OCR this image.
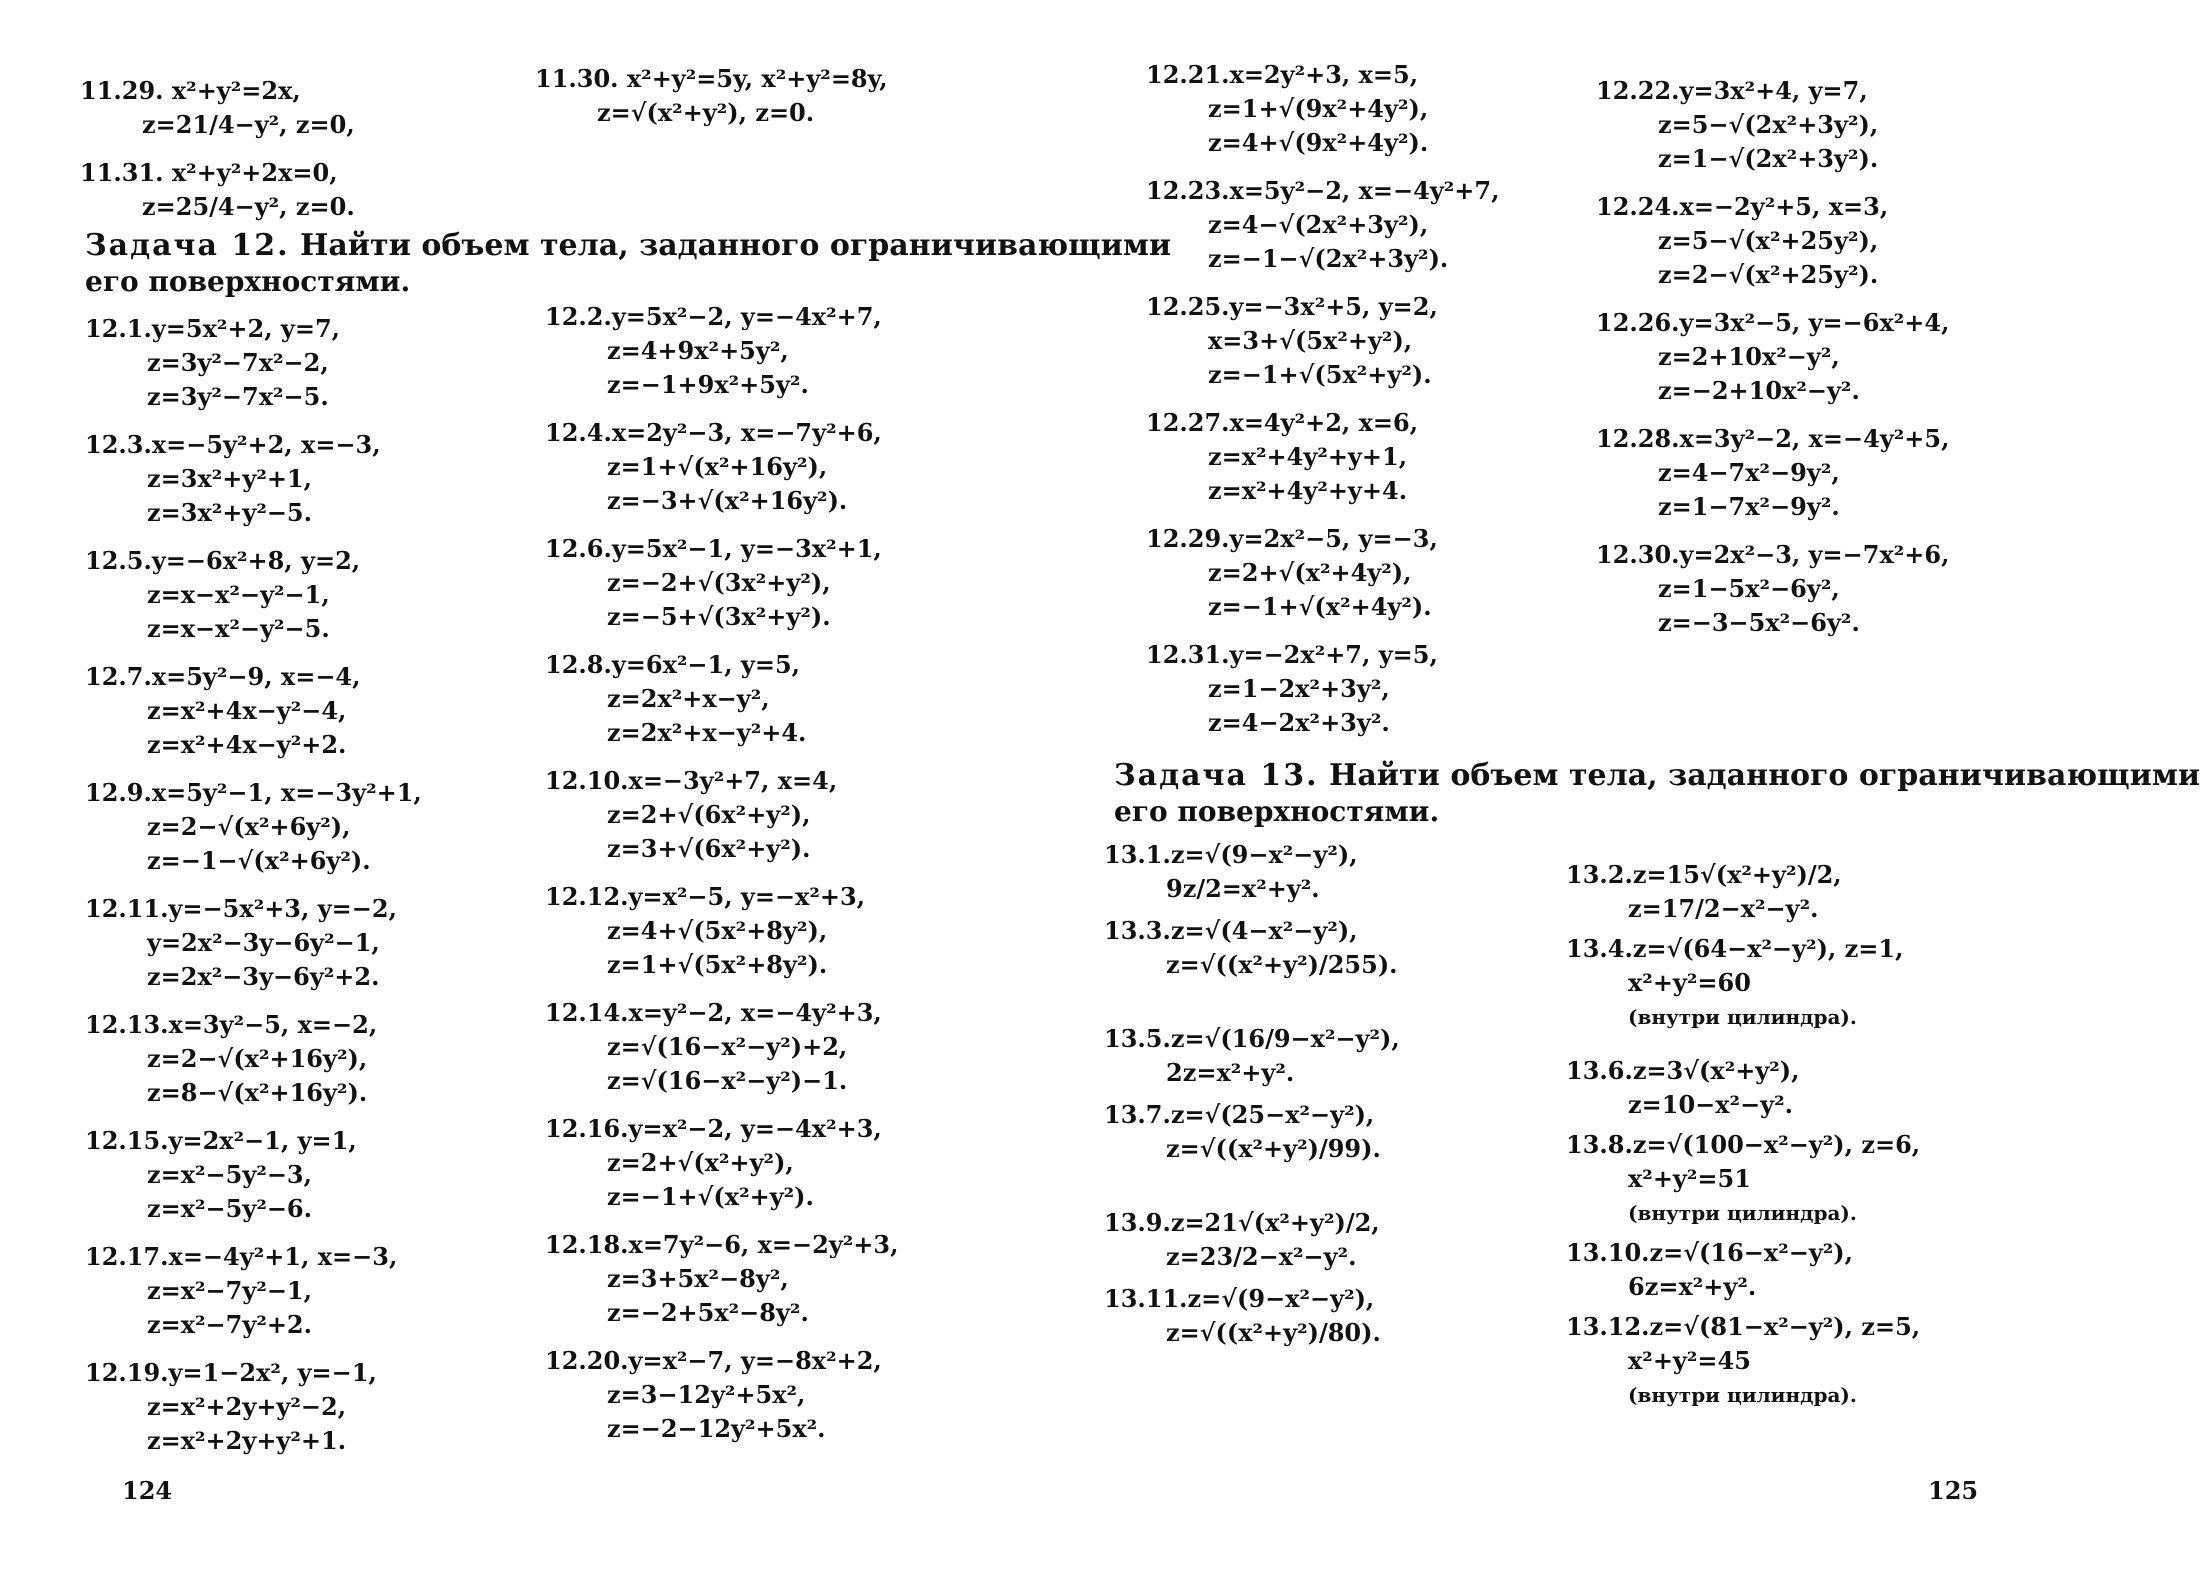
11.29. x²+y²=2x,
z=21/4−y², z=0,
11.31. x²+y²+2x=0,
z=25/4−y², z=0.
11.30. x²+y²=5y, x²+y²=8y,
z=√(x²+y²), z=0.
Задача 12. Найти объем тела, заданного ограничивающими
его поверхностями.
12.1.y=5x²+2, y=7,
z=3y²−7x²−2,
z=3y²−7x²−5.
12.3.x=−5y²+2, x=−3,
z=3x²+y²+1,
z=3x²+y²−5.
12.5.y=−6x²+8, y=2,
z=x−x²−y²−1,
z=x−x²−y²−5.
12.7.x=5y²−9, x=−4,
z=x²+4x−y²−4,
z=x²+4x−y²+2.
12.9.x=5y²−1, x=−3y²+1,
z=2−√(x²+6y²),
z=−1−√(x²+6y²).
12.11.y=−5x²+3, y=−2,
y=2x²−3y−6y²−1,
z=2x²−3y−6y²+2.
12.13.x=3y²−5, x=−2,
z=2−√(x²+16y²),
z=8−√(x²+16y²).
12.15.y=2x²−1, y=1,
z=x²−5y²−3,
z=x²−5y²−6.
12.17.x=−4y²+1, x=−3,
z=x²−7y²−1,
z=x²−7y²+2.
12.19.y=1−2x², y=−1,
z=x²+2y+y²−2,
z=x²+2y+y²+1.
12.2.y=5x²−2, y=−4x²+7,
z=4+9x²+5y²,
z=−1+9x²+5y².
12.4.x=2y²−3, x=−7y²+6,
z=1+√(x²+16y²),
z=−3+√(x²+16y²).
12.6.y=5x²−1, y=−3x²+1,
z=−2+√(3x²+y²),
z=−5+√(3x²+y²).
12.8.y=6x²−1, y=5,
z=2x²+x−y²,
z=2x²+x−y²+4.
12.10.x=−3y²+7, x=4,
z=2+√(6x²+y²),
z=3+√(6x²+y²).
12.12.y=x²−5, y=−x²+3,
z=4+√(5x²+8y²),
z=1+√(5x²+8y²).
12.14.x=y²−2, x=−4y²+3,
z=√(16−x²−y²)+2,
z=√(16−x²−y²)−1.
12.16.y=x²−2, y=−4x²+3,
z=2+√(x²+y²),
z=−1+√(x²+y²).
12.18.x=7y²−6, x=−2y²+3,
z=3+5x²−8y²,
z=−2+5x²−8y².
12.20.y=x²−7, y=−8x²+2,
z=3−12y²+5x²,
z=−2−12y²+5x².
124
12.21.x=2y²+3, x=5,
z=1+√(9x²+4y²),
z=4+√(9x²+4y²).
12.23.x=5y²−2, x=−4y²+7,
z=4−√(2x²+3y²),
z=−1−√(2x²+3y²).
12.25.y=−3x²+5, y=2,
x=3+√(5x²+y²),
z=−1+√(5x²+y²).
12.27.x=4y²+2, x=6,
z=x²+4y²+y+1,
z=x²+4y²+y+4.
12.29.y=2x²−5, y=−3,
z=2+√(x²+4y²),
z=−1+√(x²+4y²).
12.31.y=−2x²+7, y=5,
z=1−2x²+3y²,
z=4−2x²+3y².
12.22.y=3x²+4, y=7,
z=5−√(2x²+3y²),
z=1−√(2x²+3y²).
12.24.x=−2y²+5, x=3,
z=5−√(x²+25y²),
z=2−√(x²+25y²).
12.26.y=3x²−5, y=−6x²+4,
z=2+10x²−y²,
z=−2+10x²−y².
12.28.x=3y²−2, x=−4y²+5,
z=4−7x²−9y²,
z=1−7x²−9y².
12.30.y=2x²−3, y=−7x²+6,
z=1−5x²−6y²,
z=−3−5x²−6y².
Задача 13. Найти объем тела, заданного ограничивающими
его поверхностями.
13.1.z=√(9−x²−y²),
9z/2=x²+y².
13.3.z=√(4−x²−y²),
z=√((x²+y²)/255).
13.5.z=√(16/9−x²−y²),
2z=x²+y².
13.7.z=√(25−x²−y²),
z=√((x²+y²)/99).
13.9.z=21√(x²+y²)/2,
z=23/2−x²−y².
13.11.z=√(9−x²−y²),
z=√((x²+y²)/80).
13.2.z=15√(x²+y²)/2,
z=17/2−x²−y².
13.4.z=√(64−x²−y²), z=1,
x²+y²=60
(внутри цилиндра).
13.6.z=3√(x²+y²),
z=10−x²−y².
13.8.z=√(100−x²−y²), z=6,
x²+y²=51
(внутри цилиндра).
13.10.z=√(16−x²−y²),
6z=x²+y².
13.12.z=√(81−x²−y²), z=5,
x²+y²=45
(внутри цилиндра).
125
